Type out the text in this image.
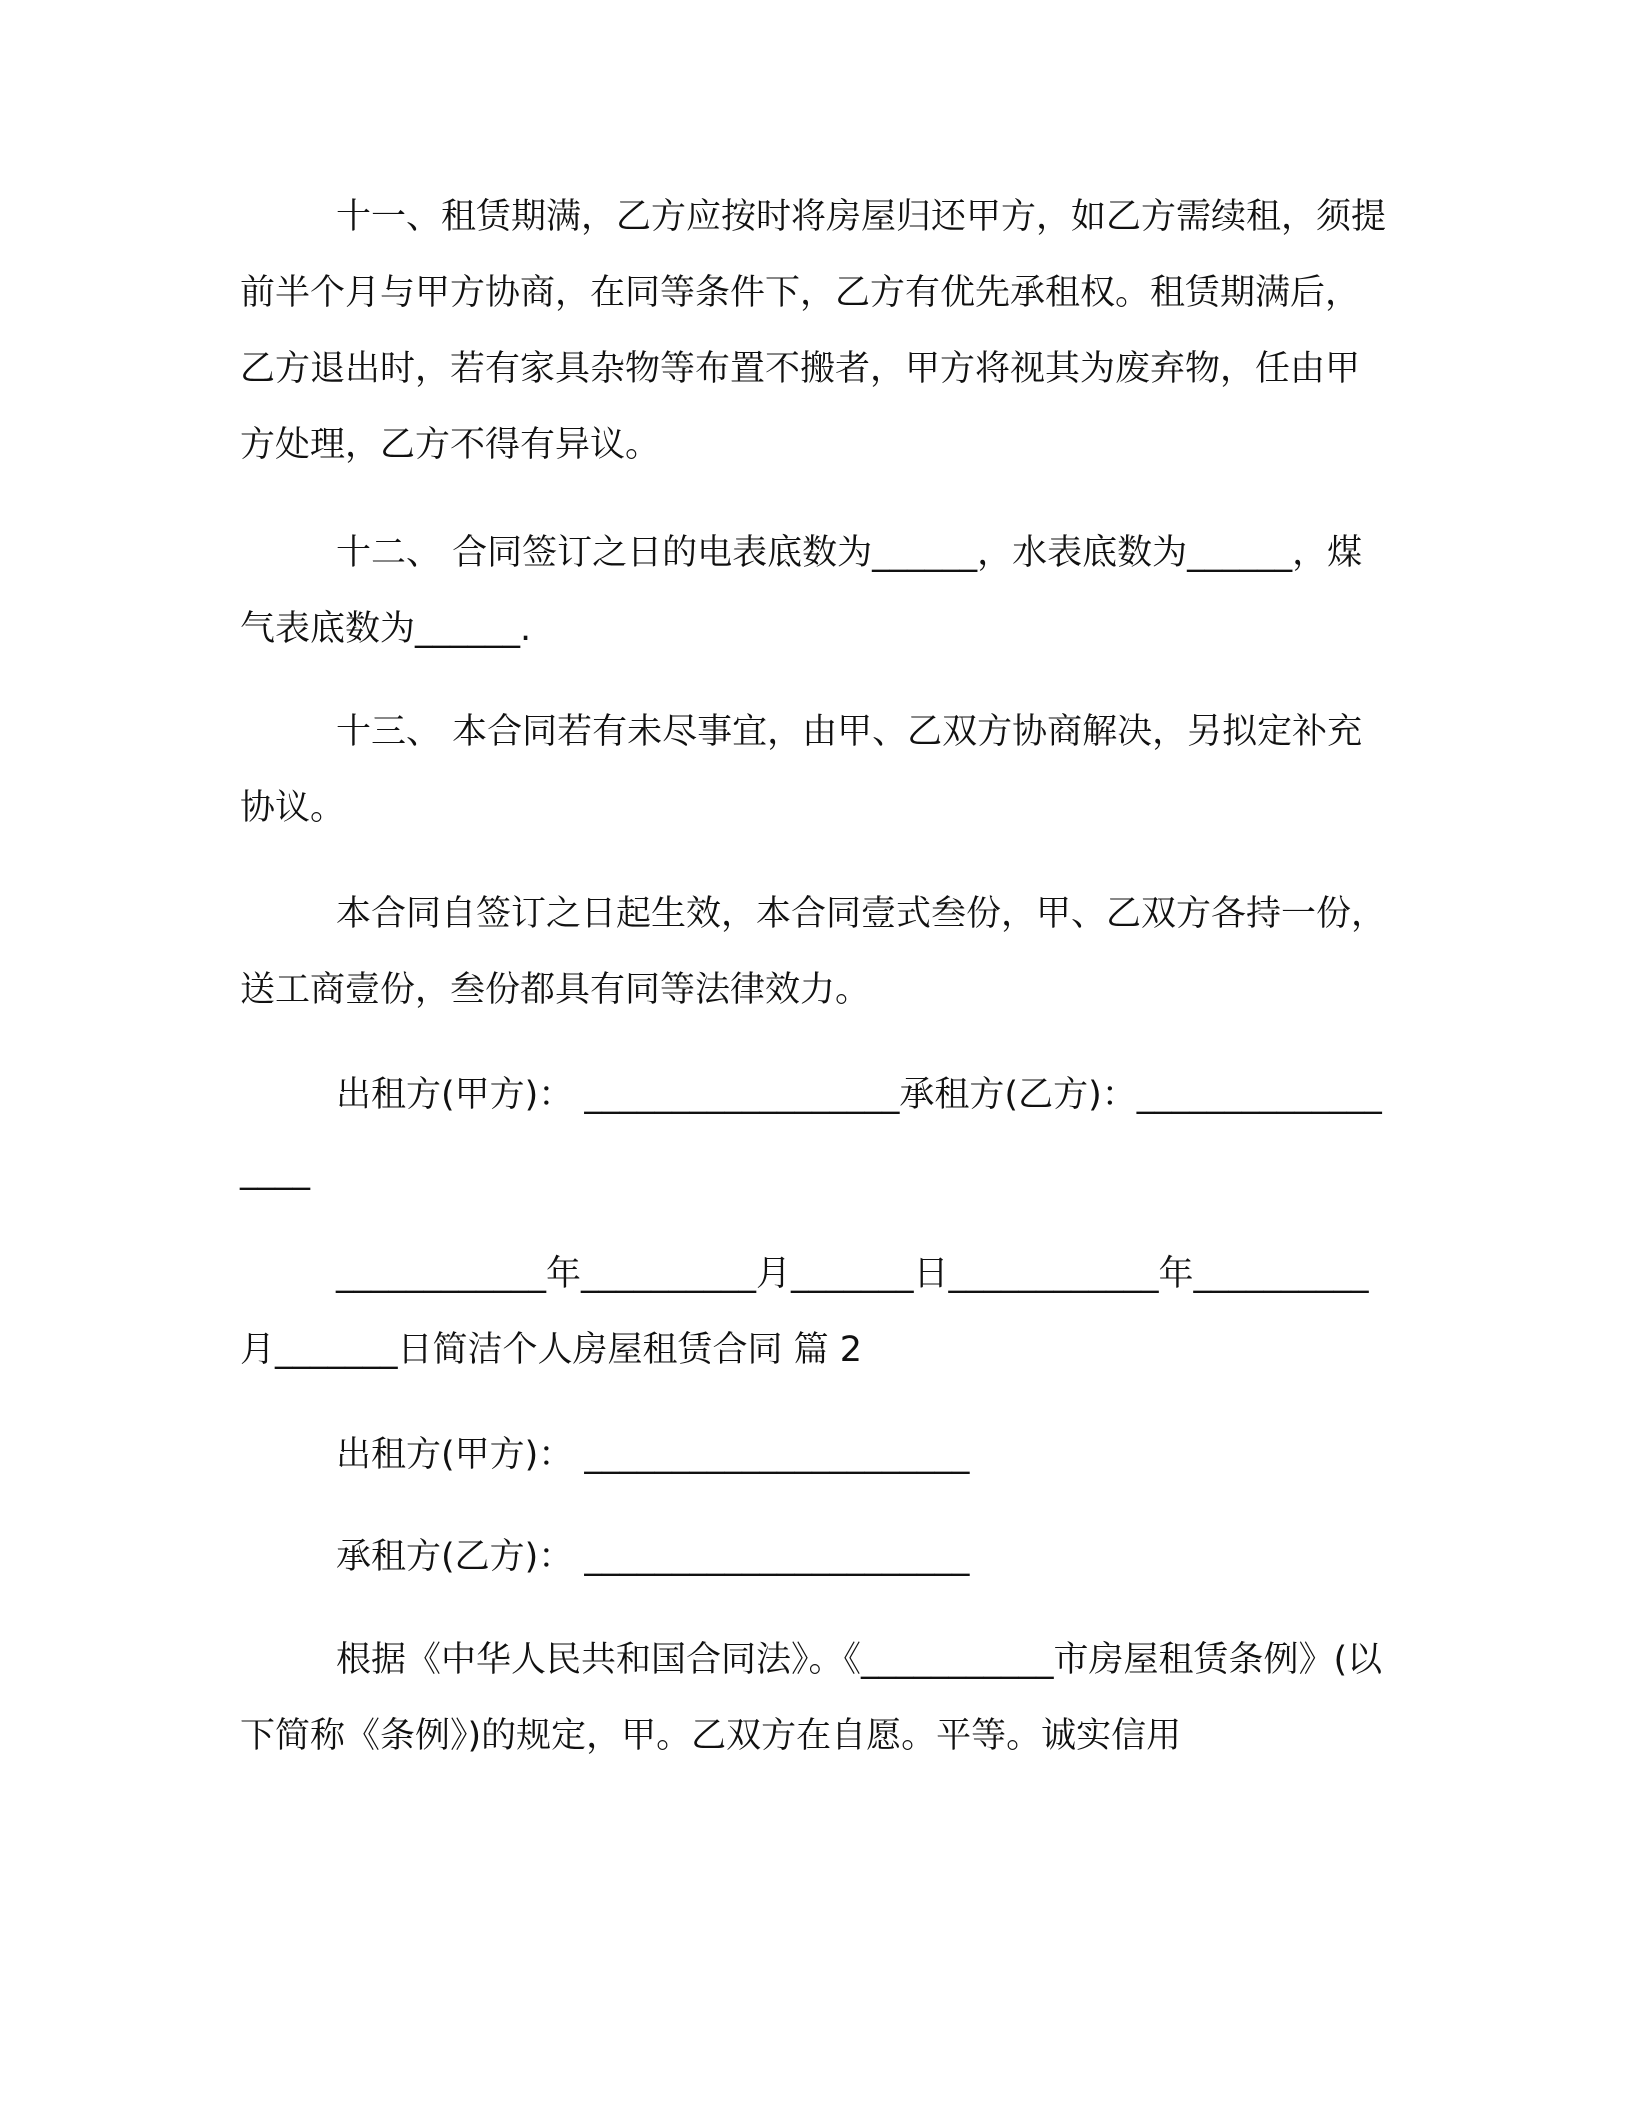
十一、租赁期满，乙方应按时将房屋归还甲方，如乙方需续租，须提前半个月与甲方协商，在同等条件下，乙方有优先承租权。租赁期满后，乙方退出时，若有家具杂物等布置不搬者，甲方将视其为废弃物，任由甲方处理，乙方不得有异议。

十二、 合同签订之日的电表底数为______，水表底数为______，煤气表底数为______.

十三、 本合同若有未尽事宜，由甲、乙双方协商解决，另拟定补充协议。

本合同自签订之日起生效，本合同壹式叁份，甲、乙双方各持一份，送工商壹份，叁份都具有同等法律效力。

出租方(甲方)： __________________承租方(乙方)：__________________

____________年__________月_______日____________年__________月_______日简洁个人房屋租赁合同 篇 2

出租方(甲方)： ______________________

承租方(乙方)： ______________________

根据《中华人民共和国合同法》。《___________市房屋租赁条例》(以下简称《条例》)的规定，甲。乙双方在自愿。平等。诚实信用
